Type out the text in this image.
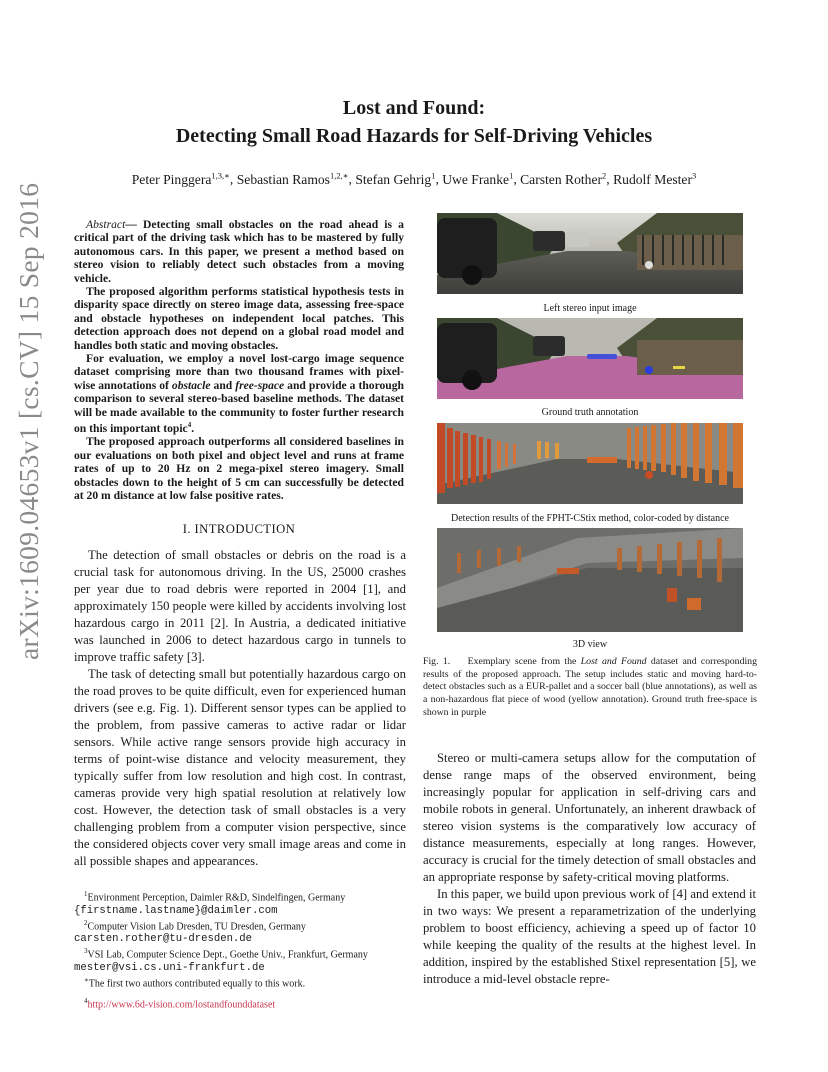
arXiv:1609.04653v1 [cs.CV] 15 Sep 2016
Lost and Found:
Detecting Small Road Hazards for Self-Driving Vehicles
Peter Pinggera$^{1,3,∗}$, Sebastian Ramos$^{1,2,∗}$, Stefan Gehrig$^1$, Uwe Franke$^1$, Carsten Rother$^2$, Rudolf Mester$^3$

Abstract— Detecting small obstacles on the road ahead is a critical part of the driving task which has to be mastered by fully autonomous cars. In this paper, we present a method based on stereo vision to reliably detect such obstacles from a moving vehicle.

The proposed algorithm performs statistical hypothesis tests in disparity space directly on stereo image data, assessing free-space and obstacle hypotheses on independent local patches. This detection approach does not depend on a global road model and handles both static and moving obstacles.

For evaluation, we employ a novel lost-cargo image sequence dataset comprising more than two thousand frames with pixel-wise annotations of obstacle and free-space and provide a thorough comparison to several stereo-based baseline methods. The dataset will be made available to the community to foster further research on this important topic$^4$.

The proposed approach outperforms all considered baselines in our evaluations on both pixel and object level and runs at frame rates of up to 20 Hz on 2 mega-pixel stereo imagery. Small obstacles down to the height of 5 cm can successfully be detected at 20 m distance at low false positive rates.

I. INTRODUCTION

The detection of small obstacles or debris on the road is a crucial task for autonomous driving. In the US, 25000 crashes per year due to road debris were reported in 2004 [1], and approximately 150 people were killed by accidents involving lost hazardous cargo in 2011 [2]. In Austria, a dedicated initiative was launched in 2006 to detect hazardous cargo in tunnels to improve traffic safety [3].

The task of detecting small but potentially hazardous cargo on the road proves to be quite difficult, even for experienced human drivers (see e.g. Fig. 1). Different sensor types can be applied to the problem, from passive cameras to active radar or lidar sensors. While active range sensors provide high accuracy in terms of point-wise distance and velocity measurement, they typically suffer from low resolution and high cost. In contrast, cameras provide very high spatial resolution at relatively low cost. However, the detection task of small obstacles is a very challenging problem from a computer vision perspective, since the considered objects cover very small image areas and come in all possible shapes and appearances.

$^1$Environment Perception, Daimler R&D, Sindelfingen, Germany
{firstname.lastname}@daimler.com

$^2$Computer Vision Lab Dresden, TU Dresden, Germany
carsten.rother@tu-dresden.de

$^3$VSI Lab, Computer Science Dept., Goethe Univ., Frankfurt, Germany
mester@vsi.cs.uni-frankfurt.de

∗The first two authors contributed equally to this work.

$^4$http://www.6d-vision.com/lostandfounddataset

Left stereo input image
Ground truth annotation
Detection results of the FPHT-CStix method, color-coded by distance
3D view
Fig. 1. Exemplary scene from the Lost and Found dataset and corresponding results of the proposed approach. The setup includes static and moving hard-to-detect obstacles such as a EUR-pallet and a soccer ball (blue annotations), as well as a non-hazardous flat piece of wood (yellow annotation). Ground truth free-space is shown in purple

Stereo or multi-camera setups allow for the computation of dense range maps of the observed environment, being increasingly popular for application in self-driving cars and mobile robots in general. Unfortunately, an inherent drawback of stereo vision systems is the comparatively low accuracy of distance measurements, especially at long ranges. However, accuracy is crucial for the timely detection of small obstacles and an appropriate response by safety-critical moving platforms.

In this paper, we build upon previous work of [4] and extend it in two ways: We present a reparametrization of the underlying problem to boost efficiency, achieving a speed up of factor 10 while keeping the quality of the results at the highest level. In addition, inspired by the established Stixel representation [5], we introduce a mid-level obstacle repre-
